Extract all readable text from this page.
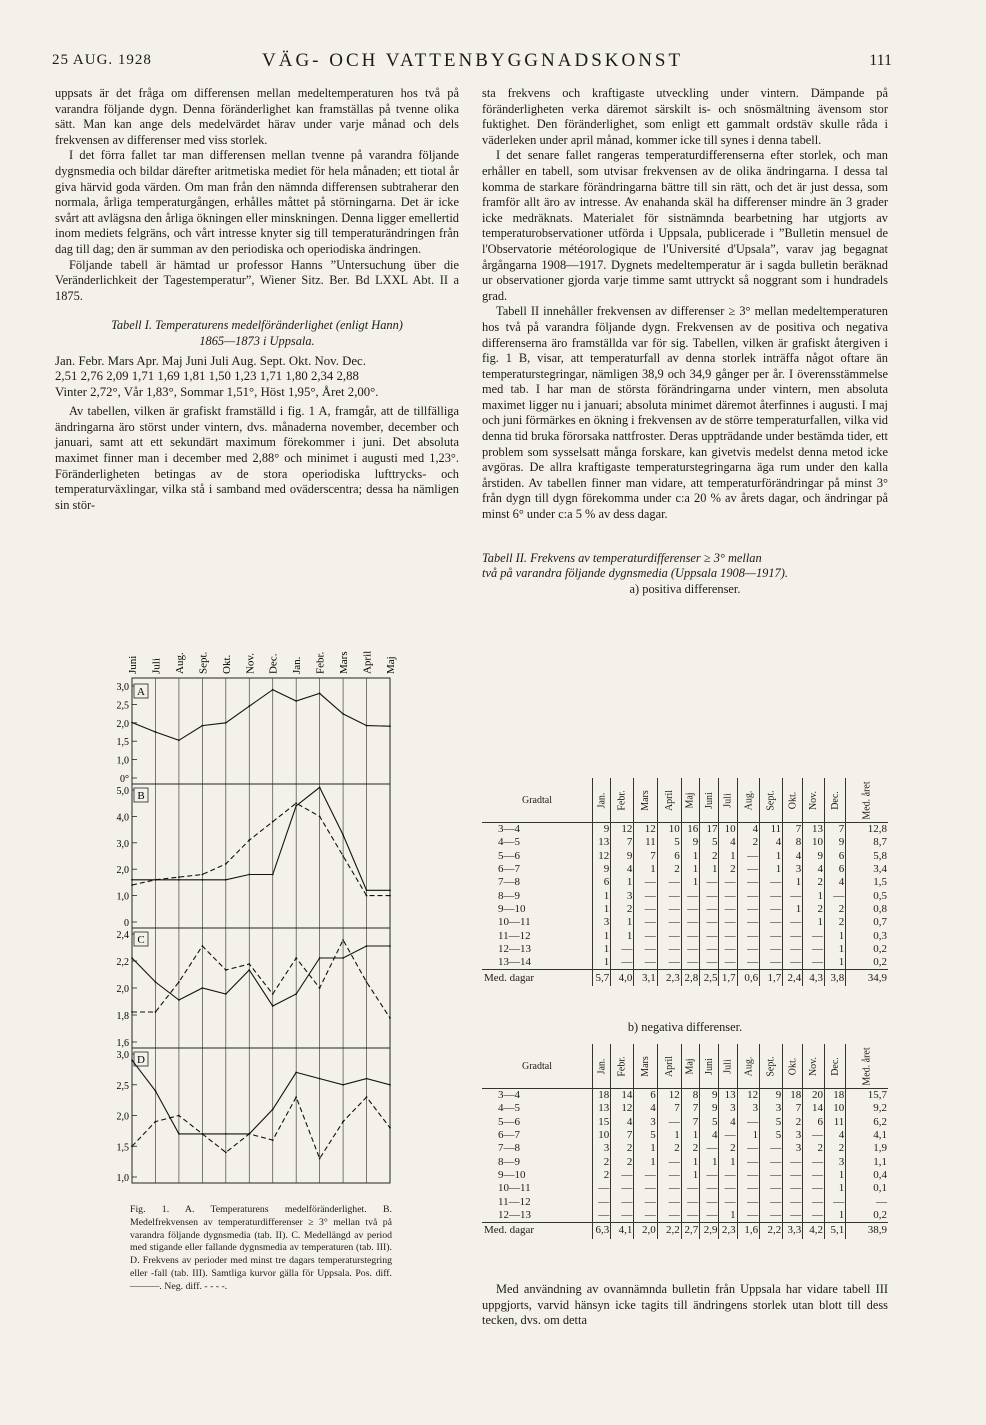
25 AUG. 1928	VÄG- OCH VATTENBYGGNADSKONST	111

uppsats är det fråga om differensen mellan medeltemperaturen hos två på varandra följande dygn. Denna föränderlighet kan framställas på tvenne olika sätt. Man kan ange dels medelvärdet härav under varje månad och dels frekvensen av differenser med viss storlek.

I det förra fallet tar man differensen mellan tvenne på varandra följande dygnsmedia och bildar därefter aritmetiska mediet för hela månaden; ett tiotal år giva härvid goda värden. Om man från den nämnda differensen subtraherar den normala, årliga temperaturgången, erhålles måttet på störningarna. Det är icke svårt att avlägsna den årliga ökningen eller minskningen. Denna ligger emellertid inom mediets felgräns, och vårt intresse knyter sig till temperaturändringen från dag till dag; den är summan av den periodiska och operiodiska ändringen.

Följande tabell är hämtad ur professor Hanns ”Untersuchung über die Veränderlichkeit der Tagestemperatur”, Wiener Sitz. Ber. Bd LXXL Abt. II a 1875.

Tabell I. Temperaturens medelföränderlighet (enligt Hann)

1865—1873 i Uppsala.

Jan. Febr. Mars Apr. Maj Juni Juli Aug. Sept. Okt. Nov. Dec.

2,51 2,76 2,09 1,71 1,69 1,81 1,50 1,23 1,71 1,80 2,34 2,88

Vinter 2,72°, Vår 1,83°, Sommar 1,51°, Höst 1,95°, Året 2,00°.

Av tabellen, vilken är grafiskt framställd i fig. 1 A, framgår, att de tillfälliga ändringarna äro störst under vintern, dvs. månaderna november, december och januari, samt att ett sekundärt maximum förekommer i juni. Det absoluta maximet finner man i december med 2,88° och minimet i augusti med 1,23°. Föränderligheten betingas av de stora operiodiska lufttrycks- och temperaturväxlingar, vilka stå i samband med oväderscentra; dessa ha nämligen sin stör-

Juni Juli Aug. Sept. Okt. Nov. Dec. Jan. Febr. Mars April Maj
3,0
2,5
2,0
1,5
1,0
0°
A
5,0
4,0
3,0
2,0
1,0
0
B
2,4
2,2
2,0
1,8
1,6
C
3,0
2,5
2,0
1,5
1,0
D
Fig. 1. A. Temperaturens medelföränderlighet. B. Medelfrekvensen av temperaturdifferenser ≥ 3° mellan två på varandra följande dygnsmedia (tab. II). C. Medellängd av period med stigande eller fallande dygnsmedia av temperaturen (tab. III). D. Frekvens av perioder med minst tre dagars temperaturstegring eller -fall (tab. III). Samtliga kurvor gälla för Uppsala. Pos. diff. ———. Neg. diff. - - - -.

sta frekvens och kraftigaste utveckling under vintern. Dämpande på föränderligheten verka däremot särskilt is- och snösmältning ävensom stor fuktighet. Den föränderlighet, som enligt ett gammalt ordstäv skulle råda i väderleken under april månad, kommer icke till synes i denna tabell.

I det senare fallet rangeras temperaturdifferenserna efter storlek, och man erhåller en tabell, som utvisar frekvensen av de olika ändringarna. I dessa tal komma de starkare förändringarna bättre till sin rätt, och det är just dessa, som framför allt äro av intresse. Av enahanda skäl ha differenser mindre än 3 grader icke medräknats. Materialet för sistnämnda bearbetning har utgjorts av temperaturobservationer utförda i Uppsala, publicerade i ”Bulletin mensuel de l'Observatorie météorologique de l'Université d'Upsala”, varav jag begagnat årgångarna 1908—1917. Dygnets medeltemperatur är i sagda bulletin beräknad ur observationer gjorda varje timme samt uttryckt så noggrant som i hundradels grad.

Tabell II innehåller frekvensen av differenser ≥ 3° mellan medeltemperaturen hos två på varandra följande dygn. Frekvensen av de positiva och negativa differenserna äro framställda var för sig. Tabellen, vilken är grafiskt återgiven i fig. 1 B, visar, att temperaturfall av denna storlek inträffa något oftare än temperaturstegringar, nämligen 38,9 och 34,9 gånger per år. I överensstämmelse med tab. I har man de största förändringarna under vintern, men absoluta maximet ligger nu i januari; absoluta minimet däremot återfinnes i augusti. I maj och juni förmärkes en ökning i frekvensen av de större temperaturfallen, vilka vid denna tid bruka förorsaka nattfroster. Deras uppträdande under bestämda tider, ett problem som sysselsatt många forskare, kan givetvis medelst denna metod icke avgöras. De allra kraftigaste temperaturstegringarna äga rum under den kalla årstiden. Av tabellen finner man vidare, att temperaturförändringar på minst 3° från dygn till dygn förekomma under c:a 20 % av årets dagar, och ändringar på minst 6° under c:a 5 % av dess dagar.

Tabell II. Frekvens av temperaturdifferenser ≥ 3° mellan

två på varandra följande dygnsmedia (Uppsala 1908—1917).

a) positiva differenser.

Gradtal	Jan.	Febr.	Mars	April	Maj	Juni	Juli	Aug.	Sept.	Okt.	Nov.	Dec.	Med. året
3—4	9	12	12	10	16	17	10	4	11	7	13	7	12,8
4—5	13	7	11	5	9	5	4	2	4	8	10	9	8,7
5—6	12	9	7	6	1	2	1	—	1	4	9	6	5,8
6—7	9	4	1	2	1	1	2	—	1	3	4	6	3,4
7—8	6	1	—	—	1	—	—	—	—	1	2	4	1,5
8—9	1	3	—	—	—	—	—	—	—	—	1	—	0,5
9—10	1	2	—	—	—	—	—	—	—	1	2	2	0,8
10—11	3	1	—	—	—	—	—	—	—	—	1	2	0,7
11—12	1	1	—	—	—	—	—	—	—	—	—	1	0,3
12—13	1	—	—	—	—	—	—	—	—	—	—	1	0,2
13—14	1	—	—	—	—	—	—	—	—	—	—	1	0,2
Med. dagar	5,7	4,0	3,1	2,3	2,8	2,5	1,7	0,6	1,7	2,4	4,3	3,8	34,9
b) negativa differenser.
Gradtal	Jan.	Febr.	Mars	April	Maj	Juni	Juli	Aug.	Sept.	Okt.	Nov.	Dec.	Med. året
3—4	18	14	6	12	8	9	13	12	9	18	20	18	15,7
4—5	13	12	4	7	7	9	3	3	3	7	14	10	9,2
5—6	15	4	3	—	7	5	4	—	5	2	6	11	6,2
6—7	10	7	5	1	1	4	—	1	5	3	—	4	4,1
7—8	3	2	1	2	2	—	2	—	—	3	2	2	1,9
8—9	2	2	1	—	1	1	1	—	—	—	—	3	1,1
9—10	2	—	—	—	1	—	—	—	—	—	—	1	0,4
10—11	—	—	—	—	—	—	—	—	—	—	—	1	0,1
11—12	—	—	—	—	—	—	—	—	—	—	—	—	—
12—13	—	—	—	—	—	—	1	—	—	—	—	1	0,2
Med. dagar	6,3	4,1	2,0	2,2	2,7	2,9	2,3	1,6	2,2	3,3	4,2	5,1	38,9

Med användning av ovannämnda bulletin från Uppsala har vidare tabell III uppgjorts, varvid hänsyn icke tagits till ändringens storlek utan blott till dess tecken, dvs. om detta
